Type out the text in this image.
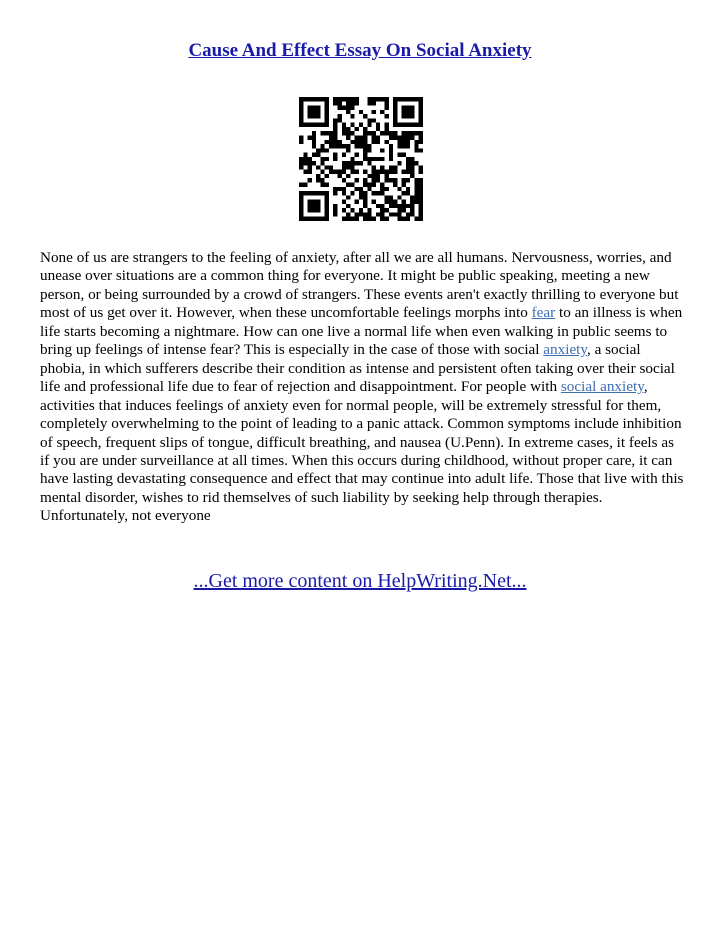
Cause And Effect Essay On Social Anxiety

None of us are strangers to the feeling of anxiety, after all we are all humans. Nervousness, worries, and unease over situations are a common thing for everyone. It might be public speaking, meeting a new person, or being surrounded by a crowd of strangers. These events aren't exactly thrilling to everyone but most of us get over it. However, when these uncomfortable feelings morphs into fear to an illness is when life starts becoming a nightmare. How can one live a normal life when even walking in public seems to bring up feelings of intense fear? This is especially in the case of those with social anxiety, a social phobia, in which sufferers describe their condition as intense and persistent often taking over their social life and professional life due to fear of rejection and disappointment. For people with social anxiety, activities that induces feelings of anxiety even for normal people, will be extremely stressful for them, completely overwhelming to the point of leading to a panic attack. Common symptoms include inhibition of speech, frequent slips of tongue, difficult breathing, and nausea (U.Penn). In extreme cases, it feels as if you are under surveillance at all times. When this occurs during childhood, without proper care, it can have lasting devastating consequence and effect that may continue into adult life. Those that live with this mental disorder, wishes to rid themselves of such liability by seeking help through therapies. Unfortunately, not everyone

...Get more content on HelpWriting.Net...
